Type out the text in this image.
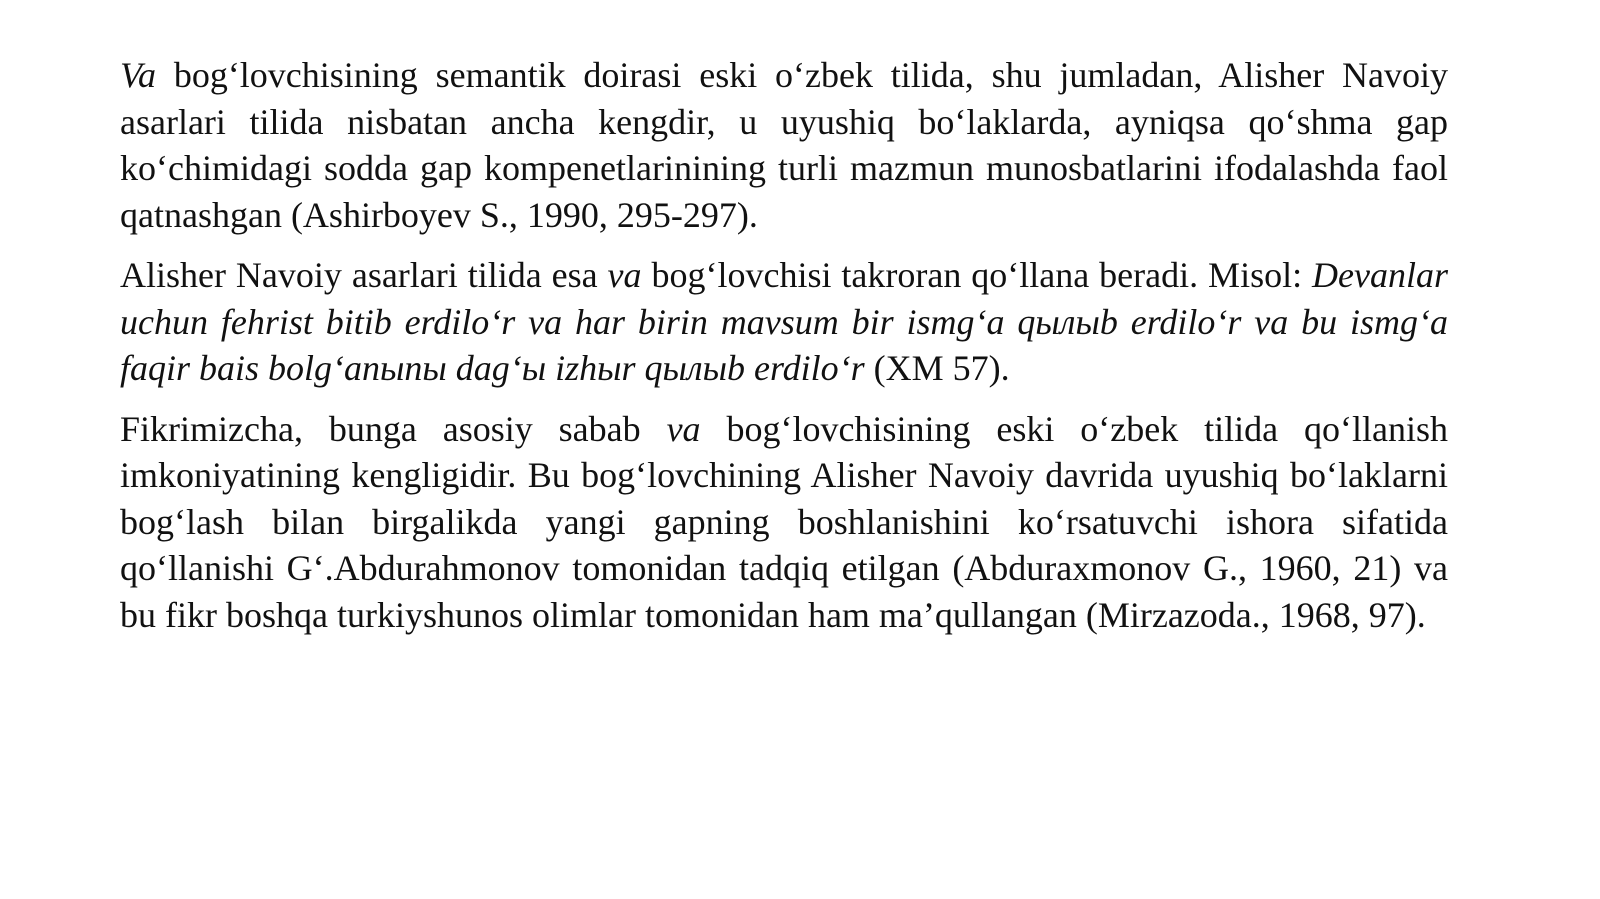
Va bog‘lovchisining semantik doirasi eski o‘zbek tilida, shu jumladan, Alisher Navoiy asarlari tilida nisbatan ancha kengdir, u uyushiq bo‘laklarda, ayniqsa qo‘shma gap ko‘chimidagi sodda gap kompenetlarinining turli mazmun munosbatlarini ifodalashda faol qatnashgan (Ashirboyev S., 1990, 295-297).

Alisher Navoiy asarlari tilida esa va bog‘lovchisi takroran qo‘llana beradi. Misol: Devanlar uchun fehrist bitib erdilo‘r va har birin mavsum bir ismg‘a qылыb erdilo‘r va bu ismg‘a faqir bais bolg‘anыnы dag‘ы izhыr qылыb erdilo‘r (XM 57).

Fikrimizcha, bunga asosiy sabab va bog‘lovchisining eski o‘zbek tilida qo‘llanish imkoniyatining kengligidir. Bu bog‘lovchining Alisher Navoiy davrida uyushiq bo‘laklarni bog‘lash bilan birgalikda yangi gapning boshlanishini ko‘rsatuvchi ishora sifatida qo‘llanishi G‘.Abdurahmonov tomonidan tadqiq etilgan (Abduraxmonov G., 1960, 21) va bu fikr boshqa turkiyshunos olimlar tomonidan ham ma’qullangan (Mirzazoda., 1968, 97).
